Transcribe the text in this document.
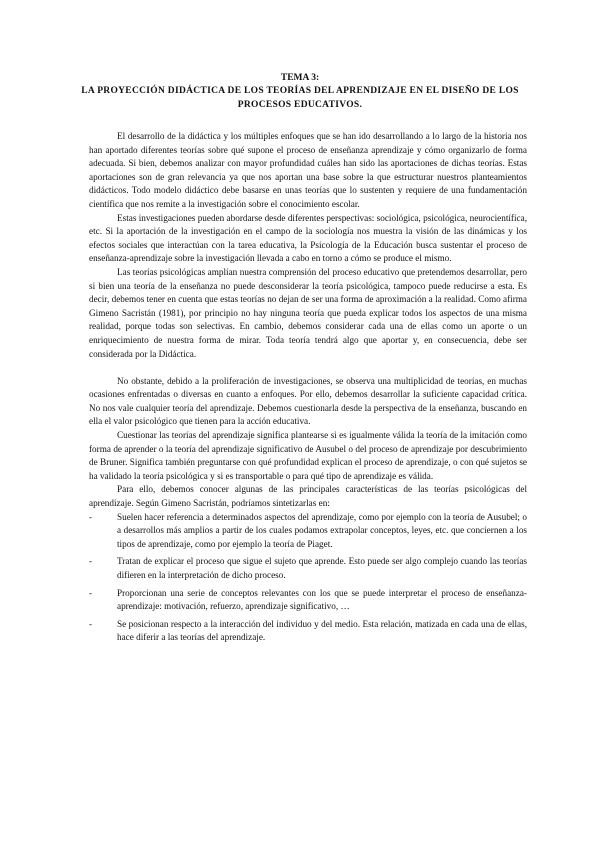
TEMA 3:

LA PROYECCIÓN DIDÁCTICA DE LOS TEORÍAS DEL APRENDIZAJE EN EL DISEÑO DE LOS PROCESOS EDUCATIVOS.

El desarrollo de la didáctica y los múltiples enfoques que se han ido desarrollando a lo largo de la historia nos han aportado diferentes teorías sobre qué supone el proceso de enseñanza aprendizaje y cómo organizarlo de forma adecuada. Si bien, debemos analizar con mayor profundidad cuáles han sido las aportaciones de dichas teorías. Estas aportaciones son de gran relevancia ya que nos aportan una base sobre la que estructurar nuestros planteamientos didácticos. Todo modelo didáctico debe basarse en unas teorías que lo sustenten y requiere de una fundamentación científica que nos remite a la investigación sobre el conocimiento escolar.

Estas investigaciones pueden abordarse desde diferentes perspectivas: sociológica, psicológica, neurocientífica, etc. Si la aportación de la investigación en el campo de la sociología nos muestra la visión de las dinámicas y los efectos sociales que interactúan con la tarea educativa, la Psicología de la Educación busca sustentar el proceso de enseñanza-aprendizaje sobre la investigación llevada a cabo en torno a cómo se produce el mismo.

Las teorías psicológicas amplían nuestra comprensión del proceso educativo que pretendemos desarrollar, pero si bien una teoría de la enseñanza no puede desconsiderar la teoría psicológica, tampoco puede reducirse a esta. Es decir, debemos tener en cuenta que estas teorías no dejan de ser una forma de aproximación a la realidad. Como afirma Gimeno Sacristán (1981), por principio no hay ninguna teoría que pueda explicar todos los aspectos de una misma realidad, porque todas son selectivas. En cambio, debemos considerar cada una de ellas como un aporte o un enriquecimiento de nuestra forma de mirar. Toda teoría tendrá algo que aportar y, en consecuencia, debe ser considerada por la Didáctica.

No obstante, debido a la proliferación de investigaciones, se observa una multiplicidad de teorías, en muchas ocasiones enfrentadas o diversas en cuanto a enfoques. Por ello, debemos desarrollar la suficiente capacidad crítica. No nos vale cualquier teoría del aprendizaje. Debemos cuestionarla desde la perspectiva de la enseñanza, buscando en ella el valor psicológico que tienen para la acción educativa.

Cuestionar las teorías del aprendizaje significa plantearse si es igualmente válida la teoría de la imitación como forma de aprender o la teoría del aprendizaje significativo de Ausubel o del proceso de aprendizaje por descubrimiento de Bruner. Significa también preguntarse con qué profundidad explican el proceso de aprendizaje, o con qué sujetos se ha validado la teoría psicológica y si es transportable o para qué tipo de aprendizaje es válida.

Para ello, debemos conocer algunas de las principales características de las teorías psicológicas del aprendizaje. Según Gimeno Sacristán, podríamos sintetizarlas en:

-	Suelen hacer referencia a determinados aspectos del aprendizaje, como por ejemplo con la teoría de Ausubel; o a desarrollos más amplios a partir de los cuales podamos extrapolar conceptos, leyes, etc. que conciernen a los tipos de aprendizaje, como por ejemplo la teoría de Piaget.
-	Tratan de explicar el proceso que sigue el sujeto que aprende. Esto puede ser algo complejo cuando las teorías difieren en la interpretación de dicho proceso.
-	Proporcionan una serie de conceptos relevantes con los que se puede interpretar el proceso de enseñanza-aprendizaje: motivación, refuerzo, aprendizaje significativo, …
-	Se posicionan respecto a la interacción del individuo y del medio. Esta relación, matizada en cada una de ellas, hace diferir a las teorías del aprendizaje.
